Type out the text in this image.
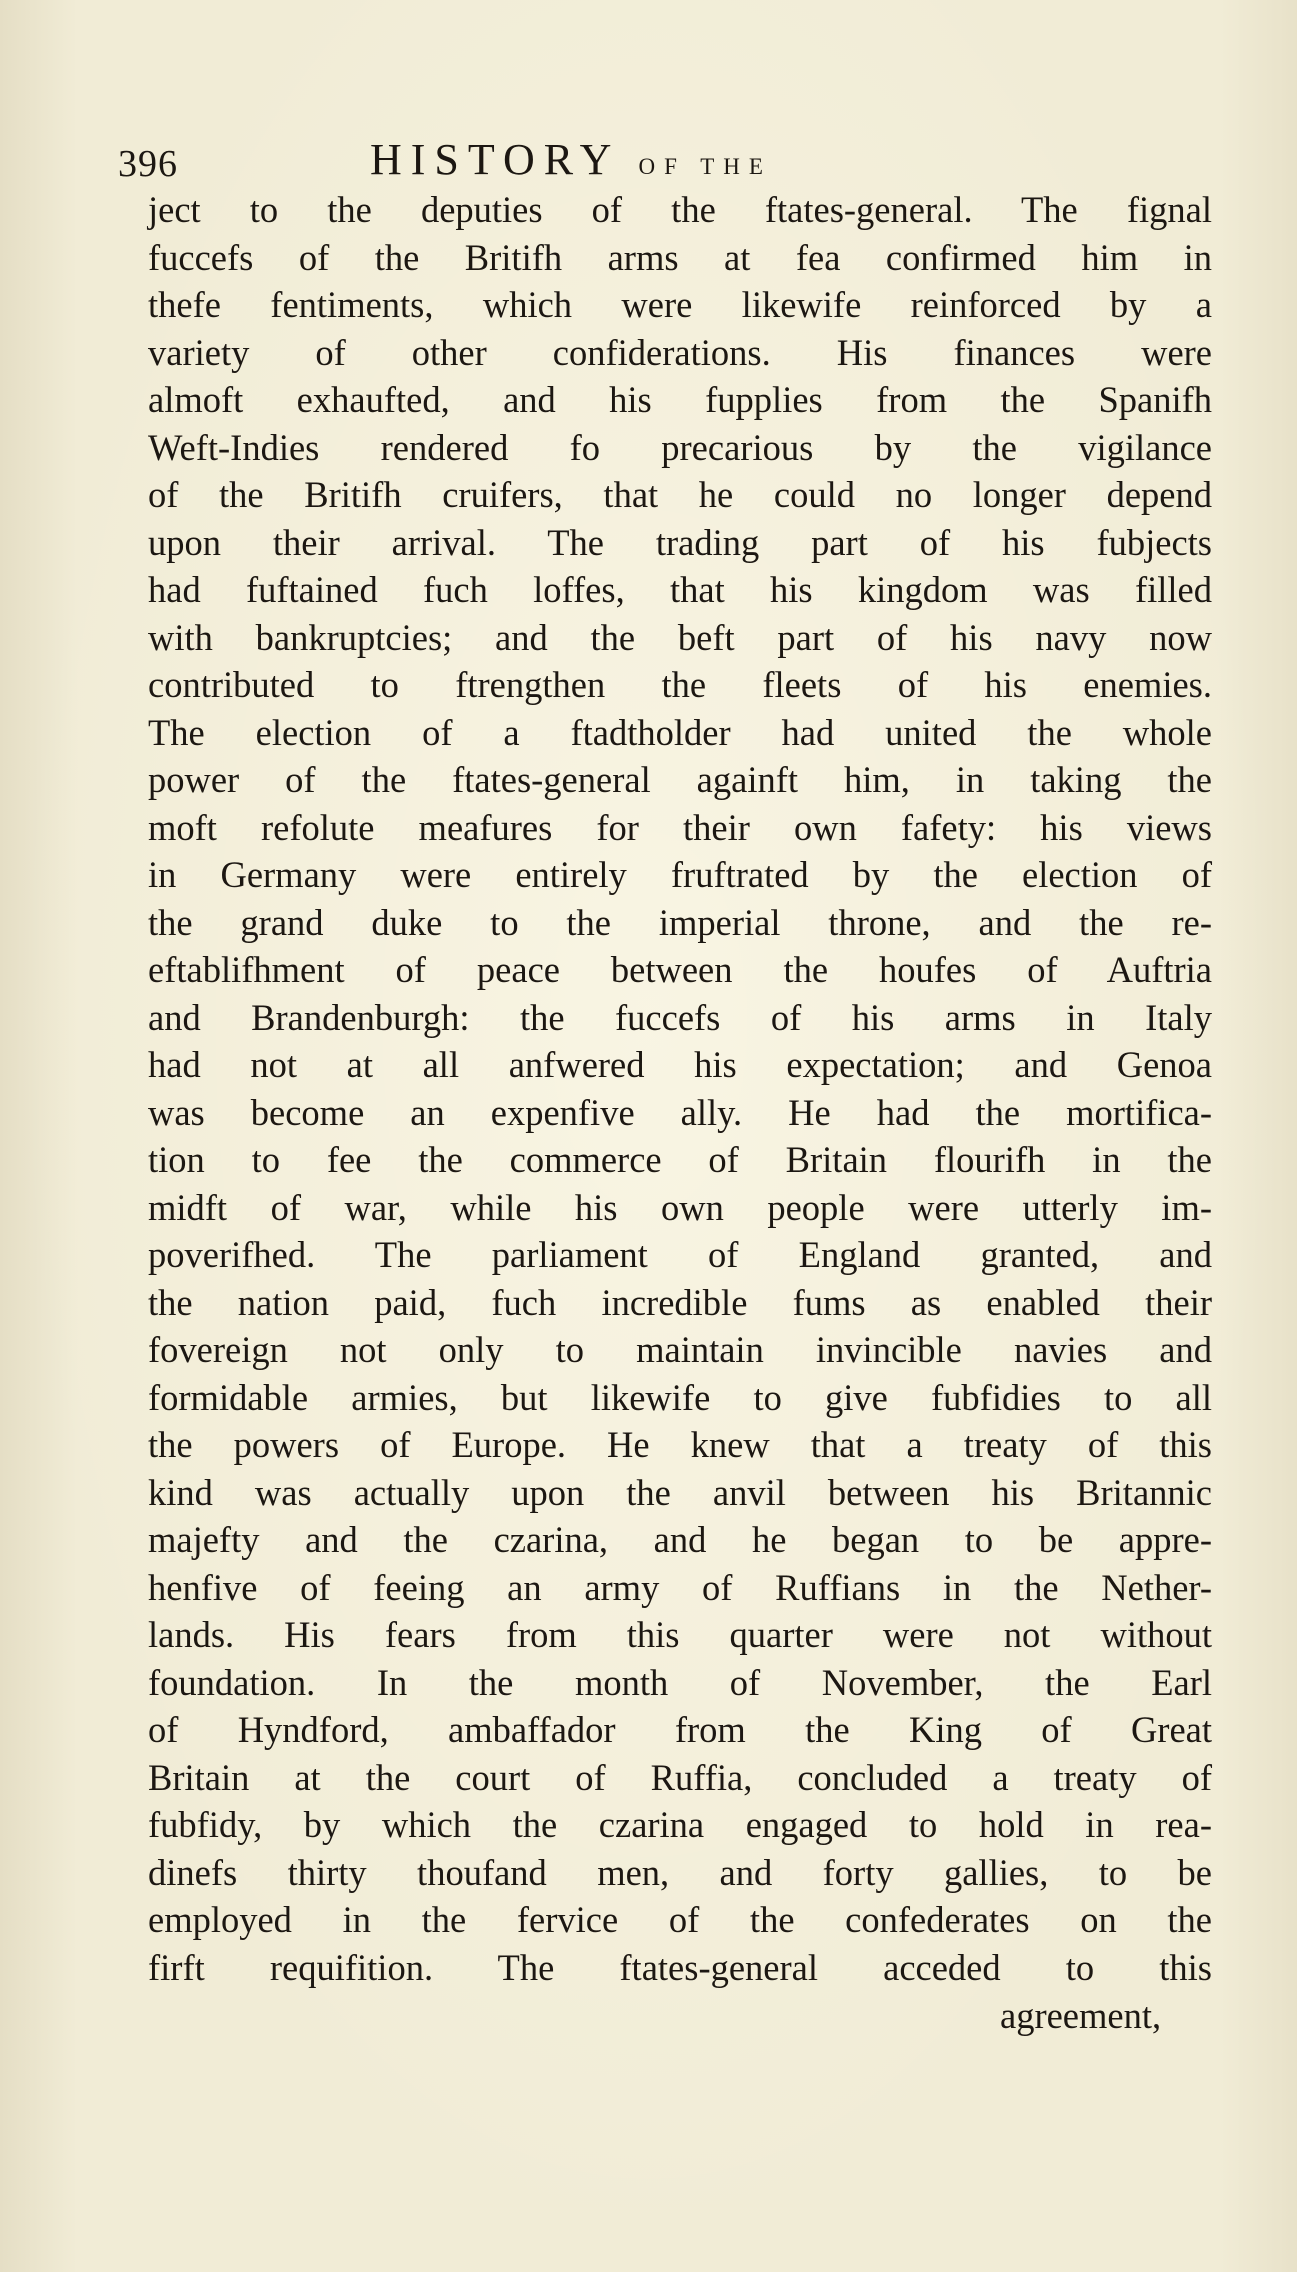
396	HISTORY OF THE
ject to the deputies of the ftates-general. The fignal
fuccefs of the Britifh arms at fea confirmed him in
thefe fentiments, which were likewife reinforced by a
variety of other confiderations. His finances were
almoft exhaufted, and his fupplies from the Spanifh
Weft-Indies rendered fo precarious by the vigilance
of the Britifh cruifers, that he could no longer depend
upon their arrival. The trading part of his fubjects
had fuftained fuch loffes, that his kingdom was filled
with bankruptcies; and the beft part of his navy now
contributed to ftrengthen the fleets of his enemies.
The election of a ftadtholder had united the whole
power of the ftates-general againft him, in taking the
moft refolute meafures for their own fafety: his views
in Germany were entirely fruftrated by the election of
the grand duke to the imperial throne, and the re-
eftablifhment of peace between the houfes of Auftria
and Brandenburgh: the fuccefs of his arms in Italy
had not at all anfwered his expectation; and Genoa
was become an expenfive ally. He had the mortifica-
tion to fee the commerce of Britain flourifh in the
midft of war, while his own people were utterly im-
poverifhed. The parliament of England granted, and
the nation paid, fuch incredible fums as enabled their
fovereign not only to maintain invincible navies and
formidable armies, but likewife to give fubfidies to all
the powers of Europe. He knew that a treaty of this
kind was actually upon the anvil between his Britannic
majefty and the czarina, and he began to be appre-
henfive of feeing an army of Ruffians in the Nether-
lands. His fears from this quarter were not without
foundation. In the month of November, the Earl
of Hyndford, ambaffador from the King of Great
Britain at the court of Ruffia, concluded a treaty of
fubfidy, by which the czarina engaged to hold in rea-
dinefs thirty thoufand men, and forty gallies, to be
employed in the fervice of the confederates on the
firft requifition. The ftates-general acceded to this
agreement,
